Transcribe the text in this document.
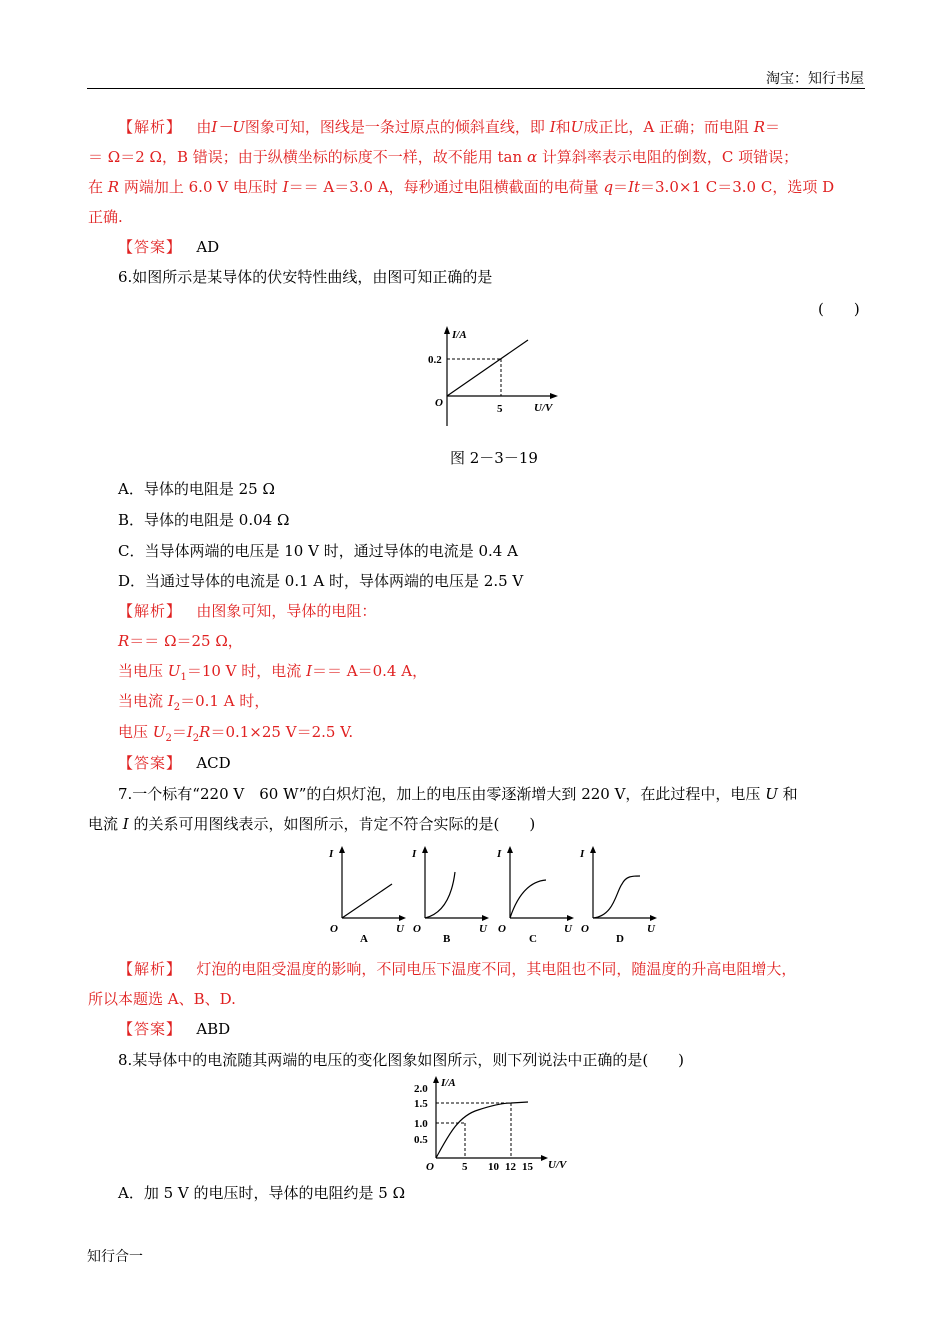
淘宝：知行书屋
【解析】 由I－U图象可知，图线是一条过原点的倾斜直线，即 I和U成正比，A 正确；而电阻 R＝
＝ Ω＝2 Ω，B 错误；由于纵横坐标的标度不一样，故不能用 tan α 计算斜率表示电阻的倒数，C 项错误；
在 R 两端加上 6.0 V 电压时 I＝＝ A＝3.0 A，每秒通过电阻横截面的电荷量 q＝It＝3.0×1 C＝3.0 C，选项 D
正确.
【答案】 AD
6.如图所示是某导体的伏安特性曲线，由图可知正确的是
(　　)
I/A
U/V
O
0.2
5
图 2－3－19
A．导体的电阻是 25 Ω
B．导体的电阻是 0.04 Ω
C．当导体两端的电压是 10 V 时，通过导体的电流是 0.4 A
D．当通过导体的电流是 0.1 A 时，导体两端的电压是 2.5 V
【解析】 由图象可知，导体的电阻：
R＝＝ Ω＝25 Ω，
当电压 $U_1=10$ V 时，电流 I＝＝ A＝0.4 A，
当电流 $I_2=0.1$ A 时，
电压 $U_2=I_2R=0.1\times 25$ V＝2.5 V.
【答案】 ACD
7.一个标有“220 V　60 W”的白炽灯泡，加上的电压由零逐渐增大到 220 V，在此过程中，电压 U 和
电流 I 的关系可用图线表示，如图所示，肯定不符合实际的是(　　)
I
O	U
A
I
O	U
B
I
O	U
C
I
O	U
D
【解析】 灯泡的电阻受温度的影响，不同电压下温度不同，其电阻也不同，随温度的升高电阻增大，
所以本题选 A、B、D.
【答案】 ABD
8.某导体中的电流随其两端的电压的变化图象如图所示，则下列说法中正确的是(　　)
I/A
U/V
O
2.0
1.5
1.0
0.5
5 10 12 15
A．加 5 V 的电压时，导体的电阻约是 5 Ω
知行合一
